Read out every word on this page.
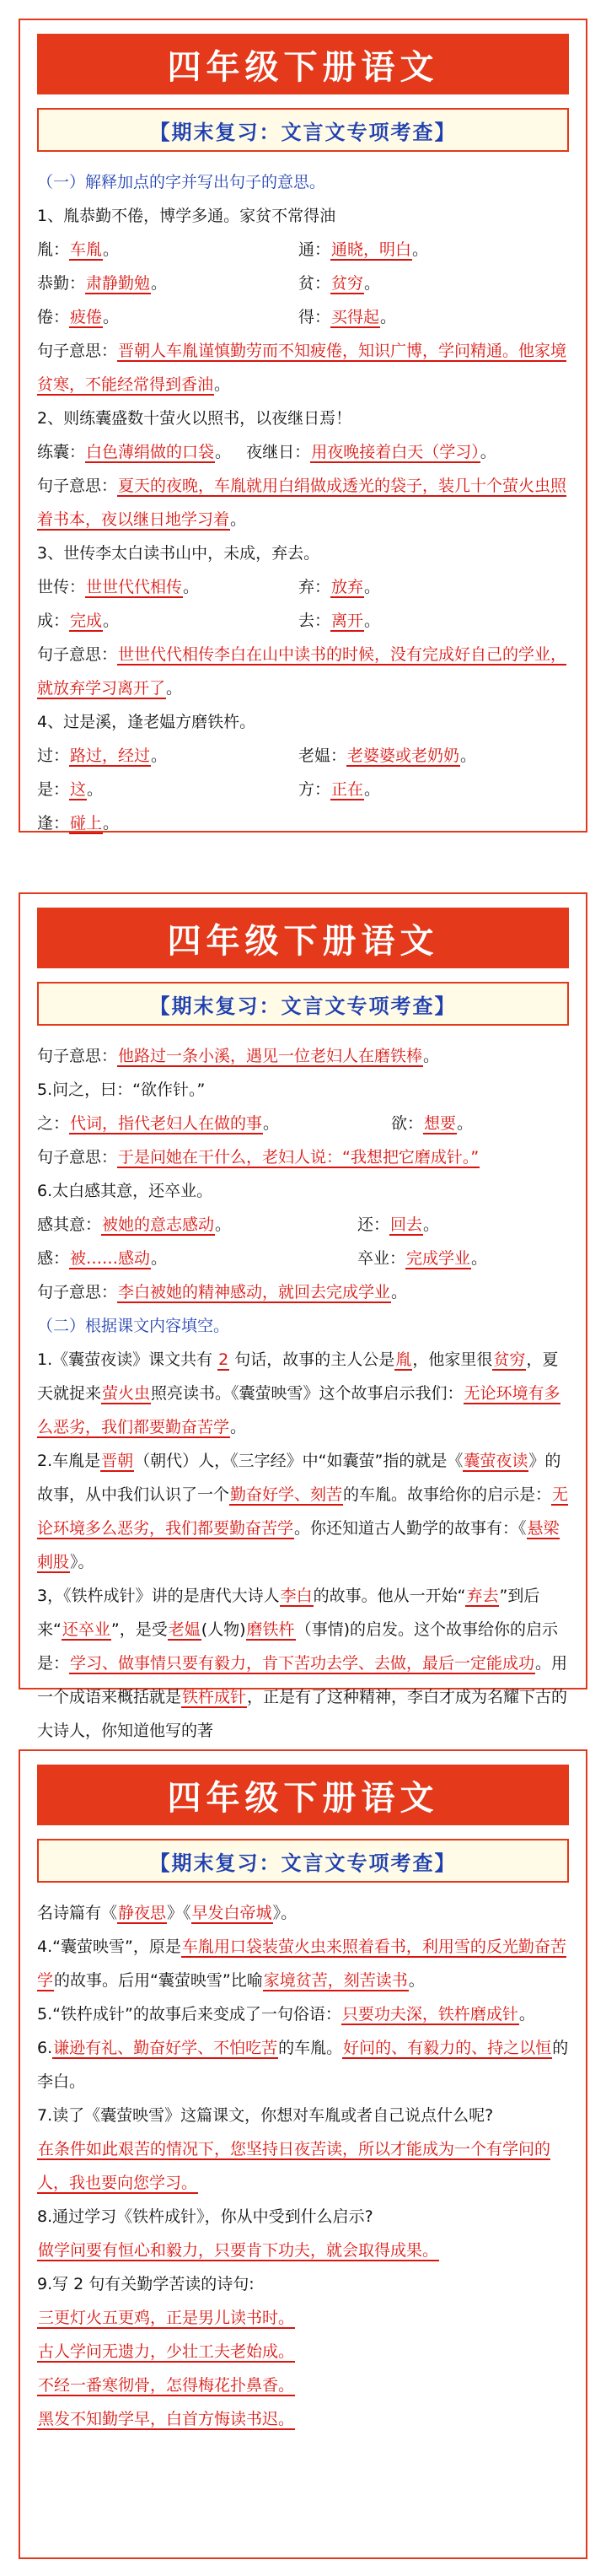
四年级下册语文
【期末复习：文言文专项考查】
（一）解释加点的字并写出句子的意思。
1、胤恭勤不倦，博学多通。家贫不常得油
胤：车胤。	通：通晓，明白。
恭勤：肃静勤勉。	贫：贫穷。
倦：疲倦。	得：买得起。
句子意思：晋朝人车胤谨慎勤劳而不知疲倦，知识广博，学问精通。他家境贫寒，不能经常得到香油。
2、则练囊盛数十萤火以照书，以夜继日焉！
练囊：白色薄绢做的口袋。 夜继日：用夜晚接着白天（学习）。
句子意思：夏天的夜晚，车胤就用白绢做成透光的袋子，装几十个萤火虫照着书本，夜以继日地学习着。
3、世传李太白读书山中，未成，弃去。
世传：世世代代相传。	弃：放弃。
成：完成。	去：离开。
句子意思：世世代代相传李白在山中读书的时候，没有完成好自己的学业，就放弃学习离开了。
4、过是溪，逢老媪方磨铁杵。
过：路过，经过。	老媪：老婆婆或老奶奶。
是：这。	方：正在。
逢：碰上。
四年级下册语文
【期末复习：文言文专项考查】
句子意思：他路过一条小溪，遇见一位老妇人在磨铁棒。
5.问之，曰：“欲作针。”
之：代词，指代老妇人在做的事。	欲：想要。
句子意思：于是问她在干什么，老妇人说：“我想把它磨成针。”
6.太白感其意，还卒业。
感其意：被她的意志感动。	还：回去。
感：被……感动。	卒业：完成学业。
句子意思：李白被她的精神感动，就回去完成学业。
（二）根据课文内容填空。
1.《囊萤夜读》课文共有 2 句话，故事的主人公是胤，他家里很贫穷，夏天就捉来萤火虫照亮读书。《囊萤映雪》这个故事启示我们：无论环境有多么恶劣，我们都要勤奋苦学。
2.车胤是晋朝（朝代）人，《三字经》中“如囊萤”指的就是《囊萤夜读》的故事，从中我们认识了一个勤奋好学、刻苦的车胤。故事给你的启示是：无论环境多么恶劣，我们都要勤奋苦学。你还知道古人勤学的故事有：《悬梁刺股》。
3，《铁杵成针》讲的是唐代大诗人李白的故事。他从一开始“弃去”到后来“还卒业”，是受老媪(人物)磨铁杵（事情)的启发。这个故事给你的启示是：学习、做事情只要有毅力，肯下苦功去学、去做，最后一定能成功。用一个成语来概括就是铁杵成针，正是有了这种精神，李白才成为名耀下古的大诗人，你知道他写的著
四年级下册语文
【期末复习：文言文专项考查】
名诗篇有《静夜思》《早发白帝城》。
4.“囊萤映雪”，原是车胤用口袋装萤火虫来照着看书，利用雪的反光勤奋苦学的故事。后用“囊萤映雪”比喻家境贫苦，刻苦读书。
5.“铁杵成针”的故事后来变成了一句俗语：只要功夫深，铁杵磨成针。
6.谦逊有礼、勤奋好学、不怕吃苦的车胤。好问的、有毅力的、持之以恒的李白。
7.读了《囊萤映雪》这篇课文，你想对车胤或者自己说点什么呢?
在条件如此艰苦的情况下，您坚持日夜苦读，所以才能成为一个有学问的人，我也要向您学习。
8.通过学习《铁杵成针》，你从中受到什么启示?
做学问要有恒心和毅力，只要肯下功夫，就会取得成果。
9.写 2 句有关勤学苦读的诗句:
三更灯火五更鸡，正是男儿读书时。
古人学问无遗力，少壮工夫老始成。
不经一番寒彻骨，怎得梅花扑鼻香。
黑发不知勤学早，白首方悔读书迟。
